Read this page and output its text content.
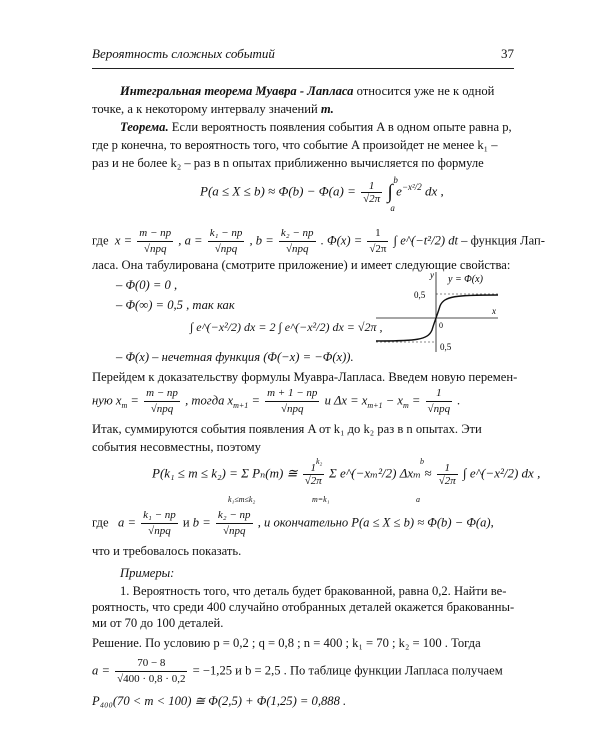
Вероятность сложных событий	37
Интегральная теорема Муавра - Лапласа относится уже не к одной
точке, а к некоторому интервалу значений m.
Теорема. Если вероятность появления события A в одном опыте равна p,
где p конечна, то вероятность того, что событие A произойдет не менее k₁ –
раз и не более k₂ – раз в n опытах приближенно вычисляется по формуле
$P(a \le X \le b) \approx \Phi(b) - \Phi(a) = \frac{1}{√2\pi}$ ∫
b
a
$e^{-x^2/2}$ dx ,
где $x = \frac{m - np}{\text{√npq}}$ , $a = \frac{\text{k₁ − np}}{\text{√npq}}$ , $b = \frac{\text{k₂ − np}}{\text{√npq}}$ . $\Phi(x) = \frac{1}{√2\pi}$ ∫ e^(−t²/2) dt – функция Лап-
ласа. Она табулирована (смотрите приложение) и имеет следующие свойства:
– Φ(0) = 0 ,
– Φ(∞) = 0,5 , так как
∫ e^(−x²/2) dx = 2 ∫ e^(−x²/2) dx = √2π ,
– Φ(x) – нечетная функция (Φ(−x) = −Φ(x)).
y y = Φ(x)
0,5
0,5
x
0
Перейдем к доказательству формулы Муавра-Лапласа. Введем новую перемен-
ную $x_m = \frac{m - np}{\text{√npq}}$ , тогда $x_{m+1} = \frac{m + 1 - np}{\text{√npq}}$ и $\Delta x = x_{m+1} - x_m = \frac{1}{\text{√npq}}$ .
Итак, суммируются события появления A от k₁ до k₂ раз в n опытах. Эти
события несовместны, поэтому
P(k₁ ≤ m ≤ k₂) = Σ Pₙ(m) ≅ $\frac{1}{√2\pi}$ Σ e^(−xₘ²/2) $\Delta x_m \approx \frac{1}{√2\pi}$ ∫ e^(−x²/2) dx ,
k₁≤m≤k₂	m=k₁
k₂
a
b
где $a = \frac{\text{k₁ − np}}{\text{√npq}}$ и $b = \frac{\text{k₂ − np}}{\text{√npq}}$ , и окончательно P(a ≤ X ≤ b) ≈ Φ(b) − Φ(a),
что и требовалось показать.
Примеры:
1. Вероятность того, что деталь будет бракованной, равна 0,2. Найти ве-
роятность, что среди 400 случайно отобранных деталей окажется бракованны-
ми от 70 до 100 деталей.
Решение. По условию p = 0,2 ; q = 0,8 ; n = 400 ; k₁ = 70 ; k₂ = 100 . Тогда
$a = \frac{70 - 8}{√400 \cdot 0,8 \cdot 0,2} = -1,25$ и b = 2,5 . По таблице функции Лапласа получаем
P₄₀₀(70 < m < 100) ≅ Φ(2,5) + Φ(1,25) = 0,888 .
